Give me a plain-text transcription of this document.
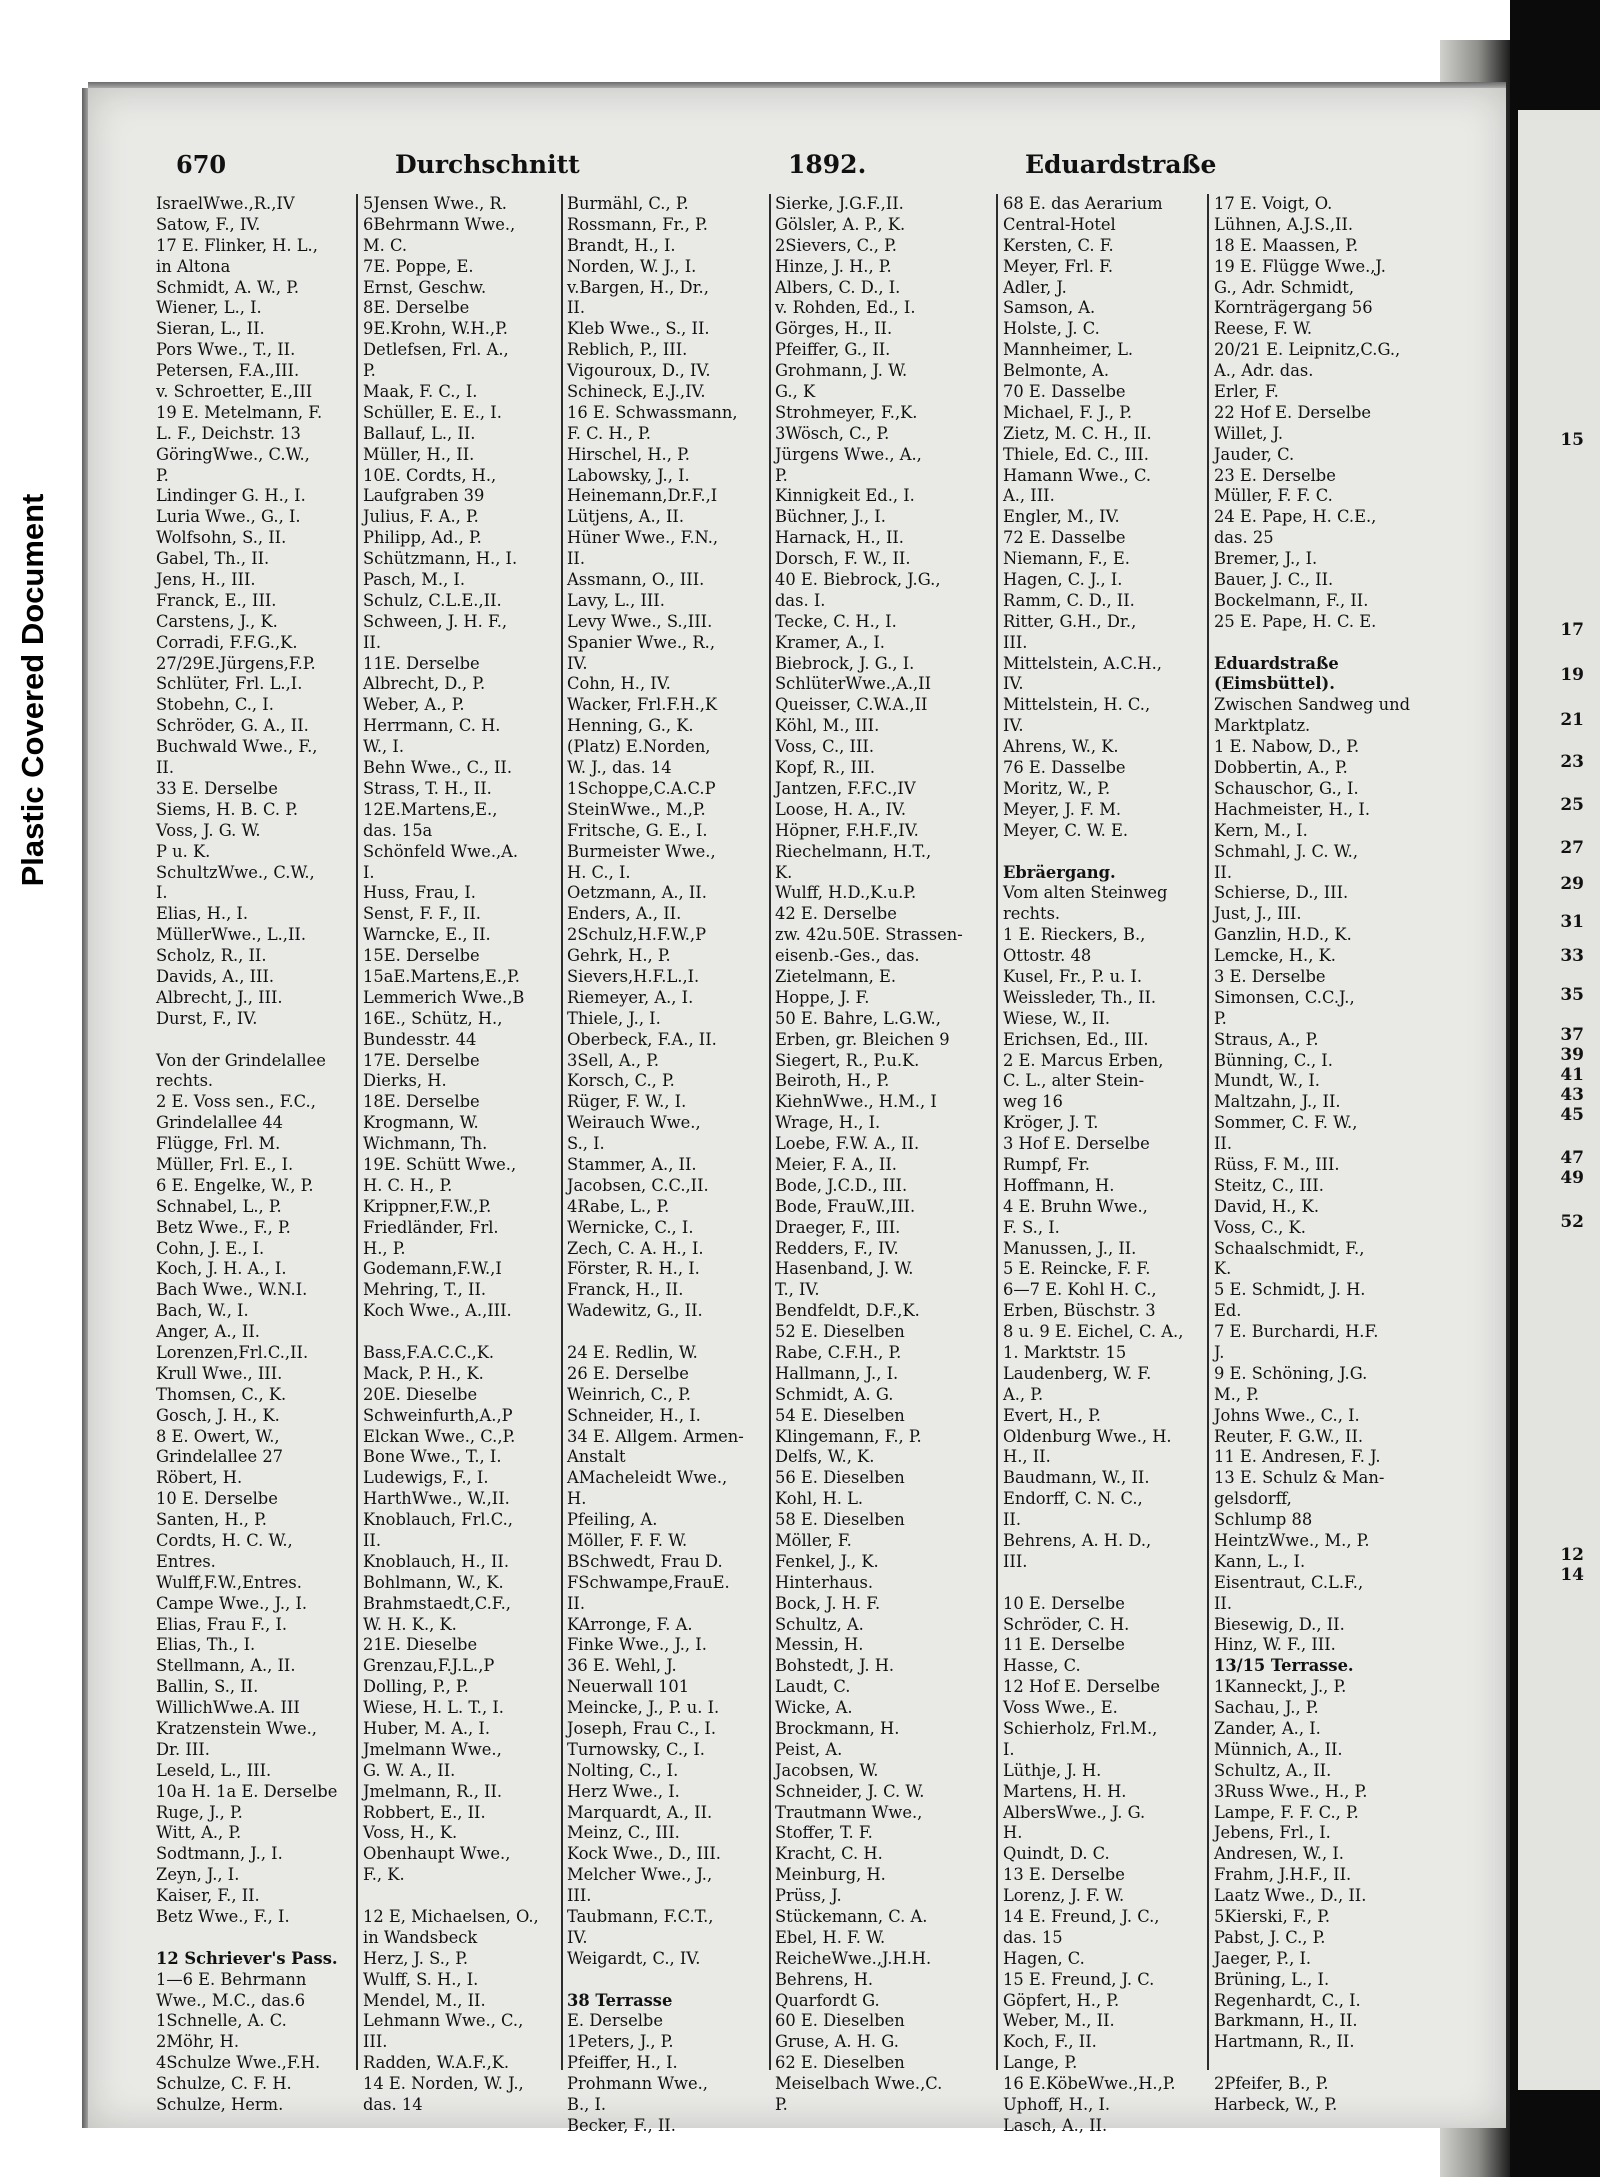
Plastic Covered Document
15
17
19
21
23
25
27
29
31
33
35
37
39
41
43
45
47
49
52
12
14
670	Durchschnitt	1892.	Eduardstraße
IsraelWwe.,R.,IV
Satow, F., IV.
17 E. Flinker, H. L.,
in Altona
Schmidt, A. W., P.
Wiener, L., I.
Sieran, L., II.
Pors Wwe., T., II.
Petersen, F.A.,III.
v. Schroetter, E.,III
19 E. Metelmann, F.
L. F., Deichstr. 13
GöringWwe., C.W.,
P.
Lindinger G. H., I.
Luria Wwe., G., I.
Wolfsohn, S., II.
Gabel, Th., II.
Jens, H., III.
Franck, E., III.
Carstens, J., K.
Corradi, F.F.G.,K.
27/29E.Jürgens,F.P.
Schlüter, Frl. L.,I.
Stobehn, C., I.
Schröder, G. A., II.
Buchwald Wwe., F.,
II.
33 E. Derselbe
Siems, H. B. C. P.
Voss, J. G. W.
P u. K.
SchultzWwe., C.W.,
I.
Elias, H., I.
MüllerWwe., L.,II.
Scholz, R., II.
Davids, A., III.
Albrecht, J., III.
Durst, F., IV.
Von der Grindelallee
rechts.
2 E. Voss sen., F.C.,
Grindelallee 44
Flügge, Frl. M.
Müller, Frl. E., I.
6 E. Engelke, W., P.
Schnabel, L., P.
Betz Wwe., F., P.
Cohn, J. E., I.
Koch, J. H. A., I.
Bach Wwe., W.N.I.
Bach, W., I.
Anger, A., II.
Lorenzen,Frl.C.,II.
Krull Wwe., III.
Thomsen, C., K.
Gosch, J. H., K.
8 E. Owert, W.,
Grindelallee 27
Röbert, H.
10 E. Derselbe
Santen, H., P.
Cordts, H. C. W.,
Entres.
Wulff,F.W.,Entres.
Campe Wwe., J., I.
Elias, Frau F., I.
Elias, Th., I.
Stellmann, A., II.
Ballin, S., II.
WillichWwe.A. III
Kratzenstein Wwe.,
Dr. III.
Leseld, L., III.
10a H. 1a E. Derselbe
Ruge, J., P.
Witt, A., P.
Sodtmann, J., I.
Zeyn, J., I.
Kaiser, F., II.
Betz Wwe., F., I.
12 Schriever's Pass.
1—6 E. Behrmann
Wwe., M.C., das.6
1Schnelle, A. C.
2Möhr, H.
4Schulze Wwe.,F.H.
Schulze, C. F. H.
Schulze, Herm.
5Jensen Wwe., R.
6Behrmann Wwe.,
M. C.
7E. Poppe, E.
Ernst, Geschw.
8E. Derselbe
9E.Krohn, W.H.,P.
Detlefsen, Frl. A.,
P.
Maak, F. C., I.
Schüller, E. E., I.
Ballauf, L., II.
Müller, H., II.
10E. Cordts, H.,
Laufgraben 39
Julius, F. A., P.
Philipp, Ad., P.
Schützmann, H., I.
Pasch, M., I.
Schulz, C.L.E.,II.
Schween, J. H. F.,
II.
11E. Derselbe
Albrecht, D., P.
Weber, A., P.
Herrmann, C. H.
W., I.
Behn Wwe., C., II.
Strass, T. H., II.
12E.Martens,E.,
das. 15a
Schönfeld Wwe.,A.
I.
Huss, Frau, I.
Senst, F. F., II.
Warncke, E., II.
15E. Derselbe
15aE.Martens,E.,P.
Lemmerich Wwe.,B
16E., Schütz, H.,
Bundesstr. 44
17E. Derselbe
Dierks, H.
18E. Derselbe
Krogmann, W.
Wichmann, Th.
19E. Schütt Wwe.,
H. C. H., P.
Krippner,F.W.,P.
Friedländer, Frl.
H., P.
Godemann,F.W.,I
Mehring, T., II.
Koch Wwe., A.,III.
Bass,F.A.C.C.,K.
Mack, P. H., K.
20E. Dieselbe
Schweinfurth,A.,P
Elckan Wwe., C.,P.
Bone Wwe., T., I.
Ludewigs, F., I.
HarthWwe., W.,II.
Knoblauch, Frl.C.,
II.
Knoblauch, H., II.
Bohlmann, W., K.
Brahmstaedt,C.F.,
W. H. K., K.
21E. Dieselbe
Grenzau,F.J.L.,P
Dolling, P., P.
Wiese, H. L. T., I.
Huber, M. A., I.
Jmelmann Wwe.,
G. W. A., II.
Jmelmann, R., II.
Robbert, E., II.
Voss, H., K.
Obenhaupt Wwe.,
F., K.
12 E, Michaelsen, O.,
in Wandsbeck
Herz, J. S., P.
Wulff, S. H., I.
Mendel, M., II.
Lehmann Wwe., C.,
III.
Radden, W.A.F.,K.
14 E. Norden, W. J.,
das. 14
Burmähl, C., P.
Rossmann, Fr., P.
Brandt, H., I.
Norden, W. J., I.
v.Bargen, H., Dr.,
II.
Kleb Wwe., S., II.
Reblich, P., III.
Vigouroux, D., IV.
Schineck, E.J.,IV.
16 E. Schwassmann,
F. C. H., P.
Hirschel, H., P.
Labowsky, J., I.
Heinemann,Dr.F.,I
Lütjens, A., II.
Hüner Wwe., F.N.,
II.
Assmann, O., III.
Lavy, L., III.
Levy Wwe., S.,III.
Spanier Wwe., R.,
IV.
Cohn, H., IV.
Wacker, Frl.F.H.,K
Henning, G., K.
(Platz) E.Norden,
W. J., das. 14
1Schoppe,C.A.C.P
SteinWwe., M.,P.
Fritsche, G. E., I.
Burmeister Wwe.,
H. C., I.
Oetzmann, A., II.
Enders, A., II.
2Schulz,H.F.W.,P
Gehrk, H., P.
Sievers,H.F.L.,I.
Riemeyer, A., I.
Thiele, J., I.
Oberbeck, F.A., II.
3Sell, A., P.
Korsch, C., P.
Rüger, F. W., I.
Weirauch Wwe.,
S., I.
Stammer, A., II.
Jacobsen, C.C.,II.
4Rabe, L., P.
Wernicke, C., I.
Zech, C. A. H., I.
Förster, R. H., I.
Franck, H., II.
Wadewitz, G., II.
24 E. Redlin, W.
26 E. Derselbe
Weinrich, C., P.
Schneider, H., I.
34 E. Allgem. Armen-
Anstalt
AMacheleidt Wwe.,
H.
Pfeiling, A.
Möller, F. F. W.
BSchwedt, Frau D.
FSchwampe,FrauE.
II.
KArronge, F. A.
Finke Wwe., J., I.
36 E. Wehl, J.
Neuerwall 101
Meincke, J., P. u. I.
Joseph, Frau C., I.
Turnowsky, C., I.
Nolting, C., I.
Herz Wwe., I.
Marquardt, A., II.
Meinz, C., III.
Kock Wwe., D., III.
Melcher Wwe., J.,
III.
Taubmann, F.C.T.,
IV.
Weigardt, C., IV.
38 Terrasse
E. Derselbe
1Peters, J., P.
Pfeiffer, H., I.
Prohmann Wwe.,
B., I.
Becker, F., II.
Sierke, J.G.F.,II.
Gölsler, A. P., K.
2Sievers, C., P.
Hinze, J. H., P.
Albers, C. D., I.
v. Rohden, Ed., I.
Görges, H., II.
Pfeiffer, G., II.
Grohmann, J. W.
G., K
Strohmeyer, F.,K.
3Wösch, C., P.
Jürgens Wwe., A.,
P.
Kinnigkeit Ed., I.
Büchner, J., I.
Harnack, H., II.
Dorsch, F. W., II.
40 E. Biebrock, J.G.,
das. I.
Tecke, C. H., I.
Kramer, A., I.
Biebrock, J. G., I.
SchlüterWwe.,A.,II
Queisser, C.W.A.,II
Köhl, M., III.
Voss, C., III.
Kopf, R., III.
Jantzen, F.F.C.,IV
Loose, H. A., IV.
Höpner, F.H.F.,IV.
Riechelmann, H.T.,
K.
Wulff, H.D.,K.u.P.
42 E. Derselbe
zw. 42u.50E. Strassen-
eisenb.-Ges., das.
Zietelmann, E.
Hoppe, J. F.
50 E. Bahre, L.G.W.,
Erben, gr. Bleichen 9
Siegert, R., P.u.K.
Beiroth, H., P.
KiehnWwe., H.M., I
Wrage, H., I.
Loebe, F.W. A., II.
Meier, F. A., II.
Bode, J.C.D., III.
Bode, FrauW.,III.
Draeger, F., III.
Redders, F., IV.
Hasenband, J. W.
T., IV.
Bendfeldt, D.F.,K.
52 E. Dieselben
Rabe, C.F.H., P.
Hallmann, J., I.
Schmidt, A. G.
54 E. Dieselben
Klingemann, F., P.
Delfs, W., K.
56 E. Dieselben
Kohl, H. L.
58 E. Dieselben
Möller, F.
Fenkel, J., K.
Hinterhaus.
Bock, J. H. F.
Schultz, A.
Messin, H.
Bohstedt, J. H.
Laudt, C.
Wicke, A.
Brockmann, H.
Peist, A.
Jacobsen, W.
Schneider, J. C. W.
Trautmann Wwe.,
Stoffer, T. F.
Kracht, C. H.
Meinburg, H.
Prüss, J.
Stückemann, C. A.
Ebel, H. F. W.
ReicheWwe.,J.H.H.
Behrens, H.
Quarfordt G.
60 E. Dieselben
Gruse, A. H. G.
62 E. Dieselben
Meiselbach Wwe.,C.
P.
68 E. das Aerarium
Central-Hotel
Kersten, C. F.
Meyer, Frl. F.
Adler, J.
Samson, A.
Holste, J. C.
Mannheimer, L.
Belmonte, A.
70 E. Dasselbe
Michael, F. J., P.
Zietz, M. C. H., II.
Thiele, Ed. C., III.
Hamann Wwe., C.
A., III.
Engler, M., IV.
72 E. Dasselbe
Niemann, F., E.
Hagen, C. J., I.
Ramm, C. D., II.
Ritter, G.H., Dr.,
III.
Mittelstein, A.C.H.,
IV.
Mittelstein, H. C.,
IV.
Ahrens, W., K.
76 E. Dasselbe
Moritz, W., P.
Meyer, J. F. M.
Meyer, C. W. E.
Ebräergang.
Vom alten Steinweg
rechts.
1 E. Rieckers, B.,
Ottostr. 48
Kusel, Fr., P. u. I.
Weissleder, Th., II.
Wiese, W., II.
Erichsen, Ed., III.
2 E. Marcus Erben,
C. L., alter Stein-
weg 16
Kröger, J. T.
3 Hof E. Derselbe
Rumpf, Fr.
Hoffmann, H.
4 E. Bruhn Wwe.,
F. S., I.
Manussen, J., II.
5 E. Reincke, F. F.
6—7 E. Kohl H. C.,
Erben, Büschstr. 3
8 u. 9 E. Eichel, C. A.,
1. Marktstr. 15
Laudenberg, W. F.
A., P.
Evert, H., P.
Oldenburg Wwe., H.
H., II.
Baudmann, W., II.
Endorff, C. N. C.,
II.
Behrens, A. H. D.,
III.
10 E. Derselbe
Schröder, C. H.
11 E. Derselbe
Hasse, C.
12 Hof E. Derselbe
Voss Wwe., E.
Schierholz, Frl.M.,
I.
Lüthje, J. H.
Martens, H. H.
AlbersWwe., J. G.
H.
Quindt, D. C.
13 E. Derselbe
Lorenz, J. F. W.
14 E. Freund, J. C.,
das. 15
Hagen, C.
15 E. Freund, J. C.
Göpfert, H., P.
Weber, M., II.
Koch, F., II.
Lange, P.
16 E.KöbeWwe.,H.,P.
Uphoff, H., I.
Lasch, A., II.
17 E. Voigt, O.
Lühnen, A.J.S.,II.
18 E. Maassen, P.
19 E. Flügge Wwe.,J.
G., Adr. Schmidt,
Kornträgergang 56
Reese, F. W.
20/21 E. Leipnitz,C.G.,
A., Adr. das.
Erler, F.
22 Hof E. Derselbe
Willet, J.
Jauder, C.
23 E. Derselbe
Müller, F. F. C.
24 E. Pape, H. C.E.,
das. 25
Bremer, J., I.
Bauer, J. C., II.
Bockelmann, F., II.
25 E. Pape, H. C. E.
Eduardstraße
(Eimsbüttel).
Zwischen Sandweg und
Marktplatz.
1 E. Nabow, D., P.
Dobbertin, A., P.
Schauschor, G., I.
Hachmeister, H., I.
Kern, M., I.
Schmahl, J. C. W.,
II.
Schierse, D., III.
Just, J., III.
Ganzlin, H.D., K.
Lemcke, H., K.
3 E. Derselbe
Simonsen, C.C.J.,
P.
Straus, A., P.
Bünning, C., I.
Mundt, W., I.
Maltzahn, J., II.
Sommer, C. F. W.,
II.
Rüss, F. M., III.
Steitz, C., III.
David, H., K.
Voss, C., K.
Schaalschmidt, F.,
K.
5 E. Schmidt, J. H.
Ed.
7 E. Burchardi, H.F.
J.
9 E. Schöning, J.G.
M., P.
Johns Wwe., C., I.
Reuter, F. G.W., II.
11 E. Andresen, F. J.
13 E. Schulz & Man-
gelsdorff,
Schlump 88
HeintzWwe., M., P.
Kann, L., I.
Eisentraut, C.L.F.,
II.
Biesewig, D., II.
Hinz, W. F., III.
13/15 Terrasse.
1Kanneckt, J., P.
Sachau, J., P.
Zander, A., I.
Münnich, A., II.
Schultz, A., II.
3Russ Wwe., H., P.
Lampe, F. F. C., P.
Jebens, Frl., I.
Andresen, W., I.
Frahm, J.H.F., II.
Laatz Wwe., D., II.
5Kierski, F., P.
Pabst, J. C., P.
Jaeger, P., I.
Brüning, L., I.
Regenhardt, C., I.
Barkmann, H., II.
Hartmann, R., II.
2Pfeifer, B., P.
Harbeck, W., P.
